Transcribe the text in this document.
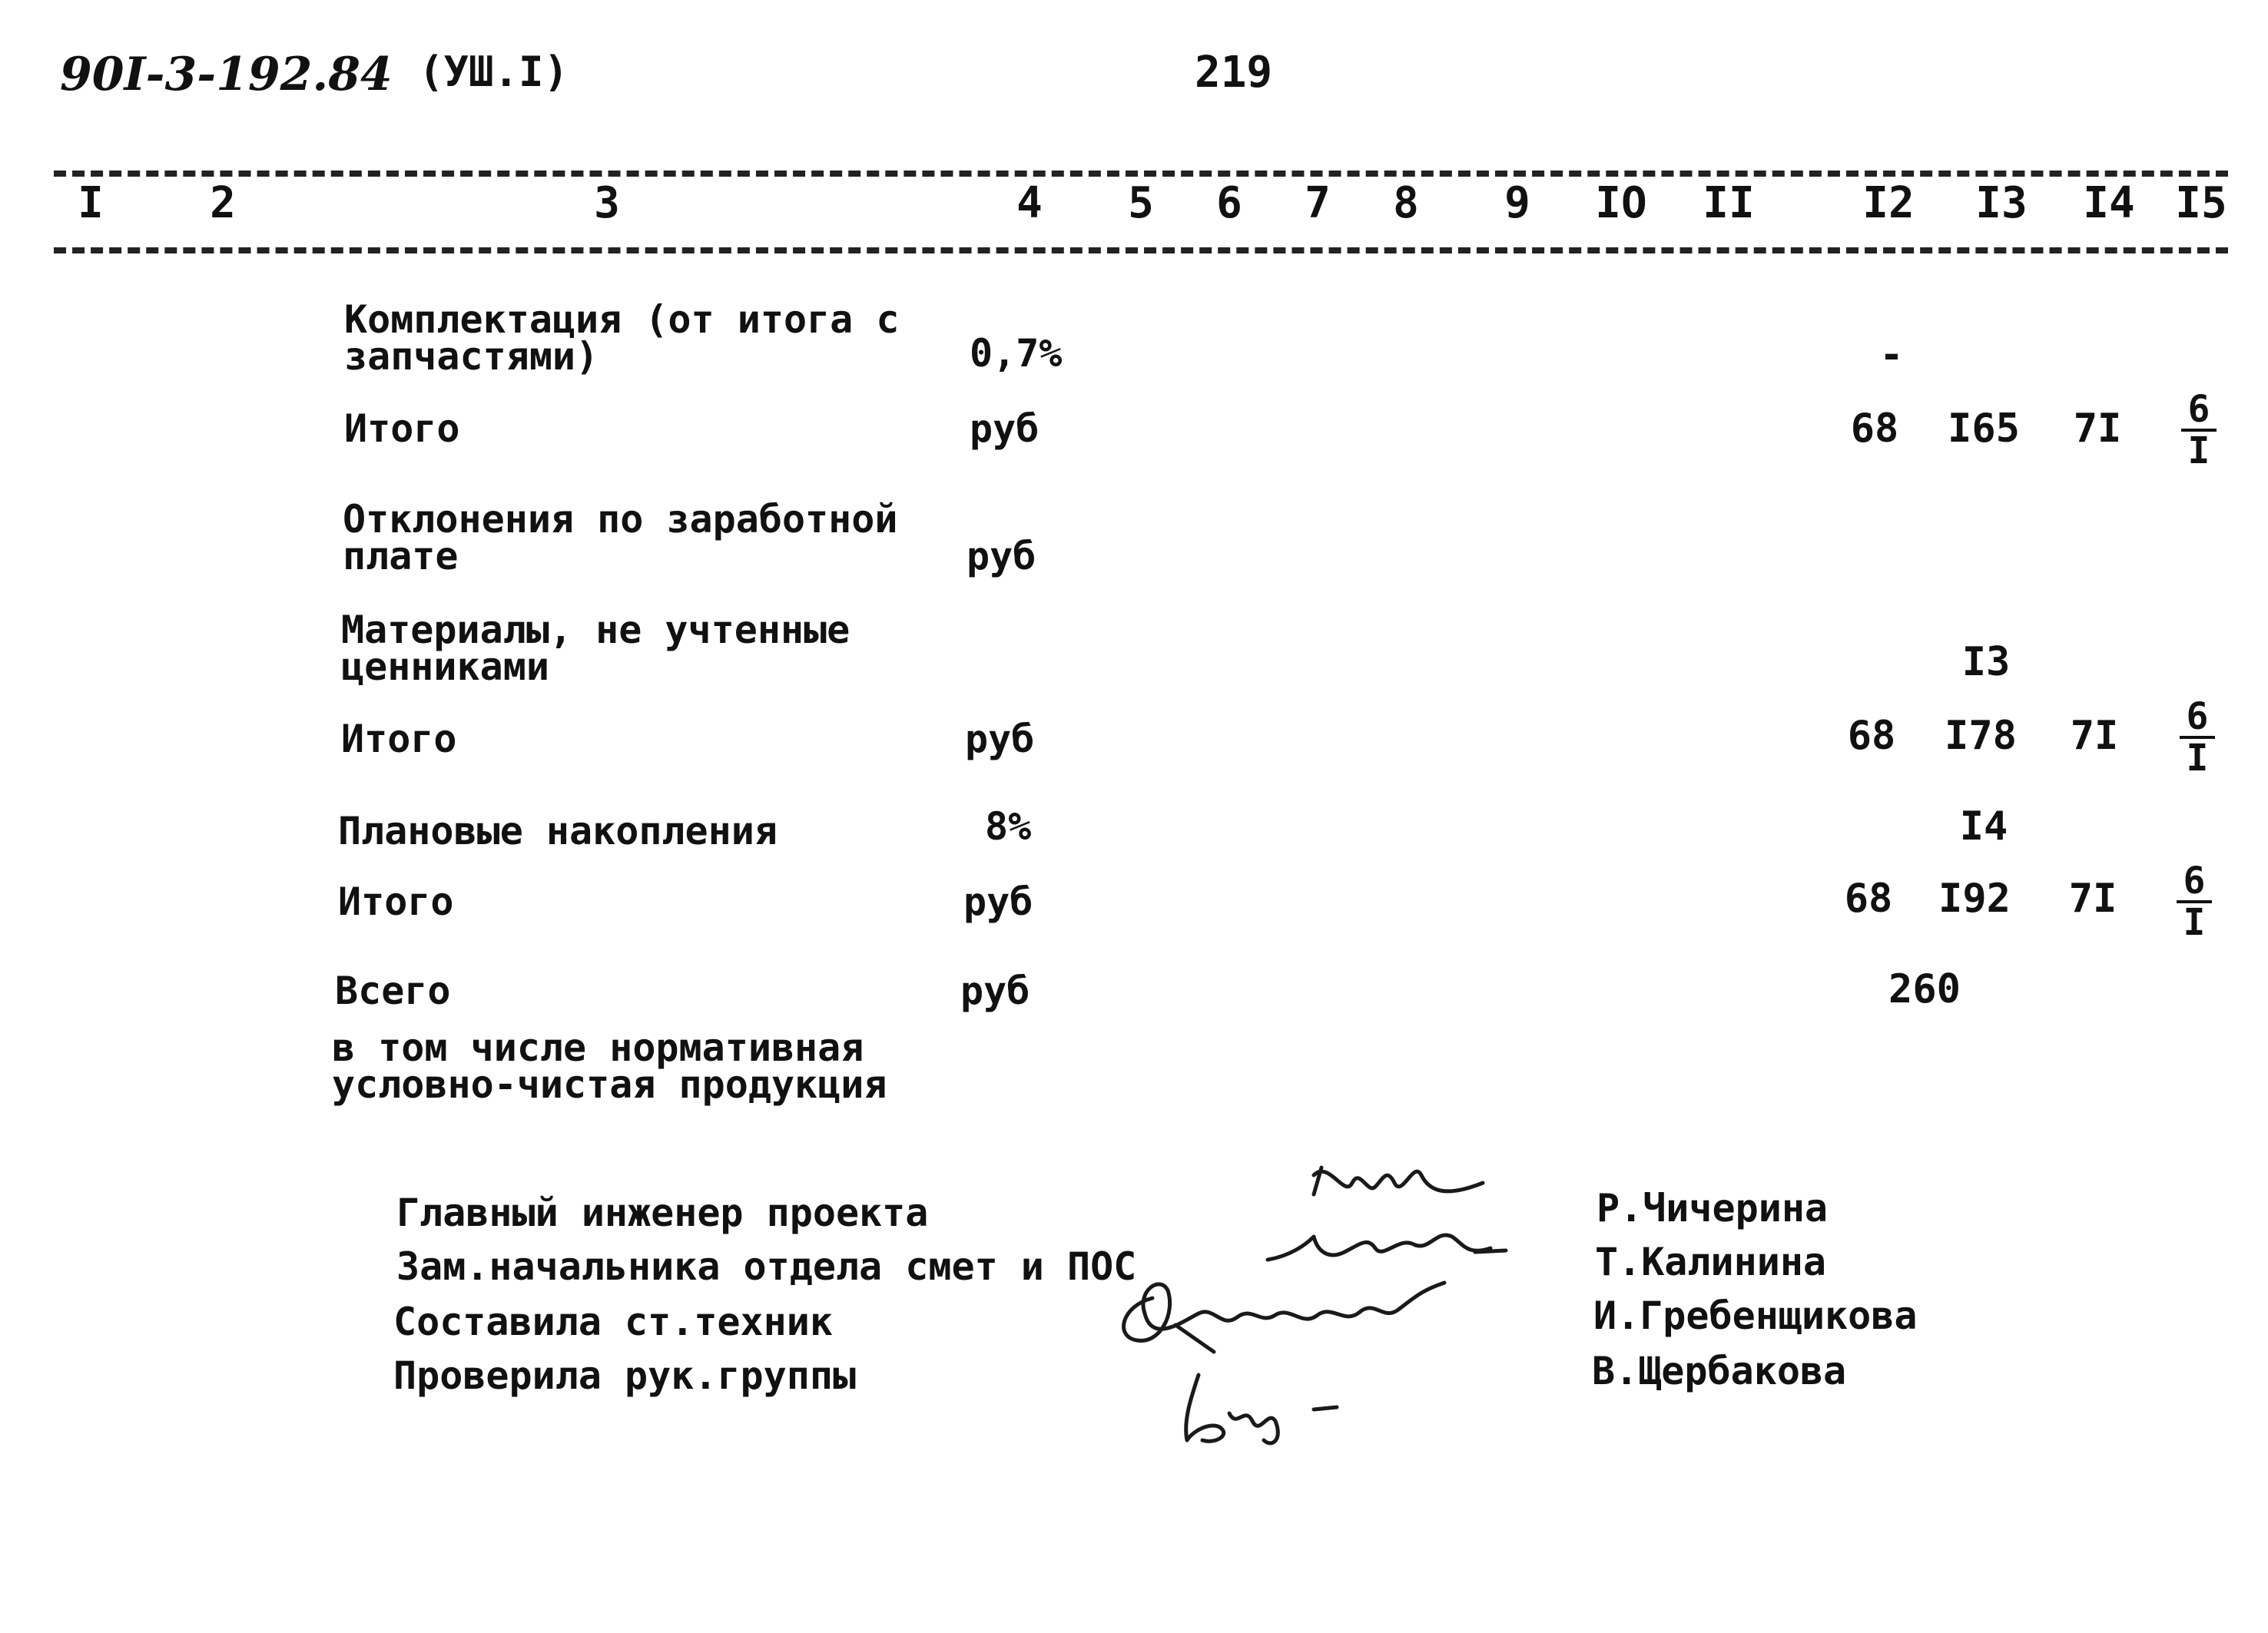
90I-3-192.84 (УШ.I)	219
I 2	3	4 5 6 7 8 9 IO II	I2 I3 I4 I5
Комплектация (от итога с
запчастями)	0,7%	-
Итого	руб	68 I65 $7I \frac{6}{I}$
Отклонения по заработной
плате	руб
Материалы, не учтенные
ценниками	I3
Итого	руб	68 I78 $7I \frac{6}{I}$
Плановые накопления	8%	I4
Итого	руб	68 I92 $7I \frac{6}{I}$
Всего	руб	260
в том числе нормативная
условно-чистая продукция
Главный инженер проекта
Зам.начальника отдела смет и ПОС
Составила ст.техник
Проверила рук.группы
Р.Чичерина
Т.Калинина
И.Гребенщикова
В.Щербакова
